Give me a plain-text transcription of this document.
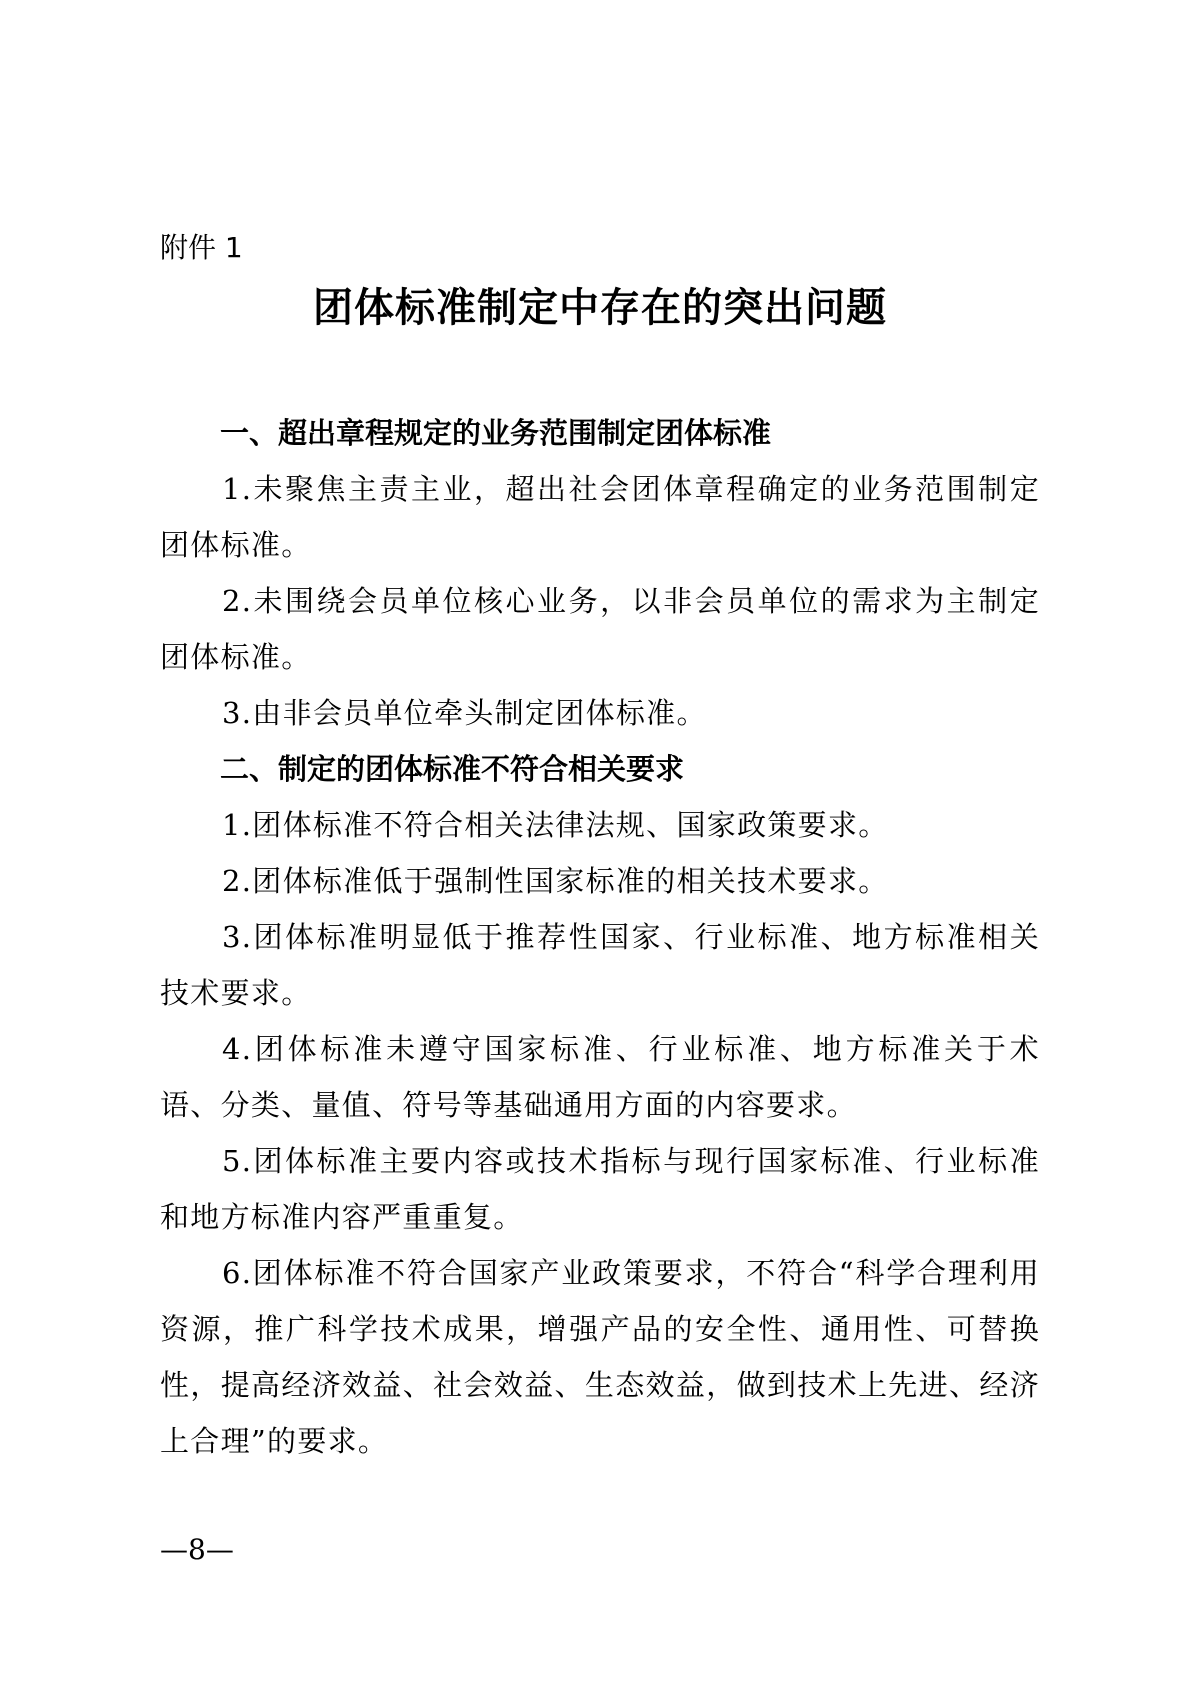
附件 1
团体标准制定中存在的突出问题
一、超出章程规定的业务范围制定团体标准

1.未聚焦主责主业，超出社会团体章程确定的业务范围制定团体标准。

2.未围绕会员单位核心业务，以非会员单位的需求为主制定团体标准。

3.由非会员单位牵头制定团体标准。

二、制定的团体标准不符合相关要求

1.团体标准不符合相关法律法规、国家政策要求。

2.团体标准低于强制性国家标准的相关技术要求。

3.团体标准明显低于推荐性国家、行业标准、地方标准相关技术要求。

4.团体标准未遵守国家标准、行业标准、地方标准关于术语、分类、量值、符号等基础通用方面的内容要求。

5.团体标准主要内容或技术指标与现行国家标准、行业标准和地方标准内容严重重复。

6.团体标准不符合国家产业政策要求，不符合“科学合理利用资源，推广科学技术成果，增强产品的安全性、通用性、可替换性，提高经济效益、社会效益、生态效益，做到技术上先进、经济上合理”的要求。

—8—
